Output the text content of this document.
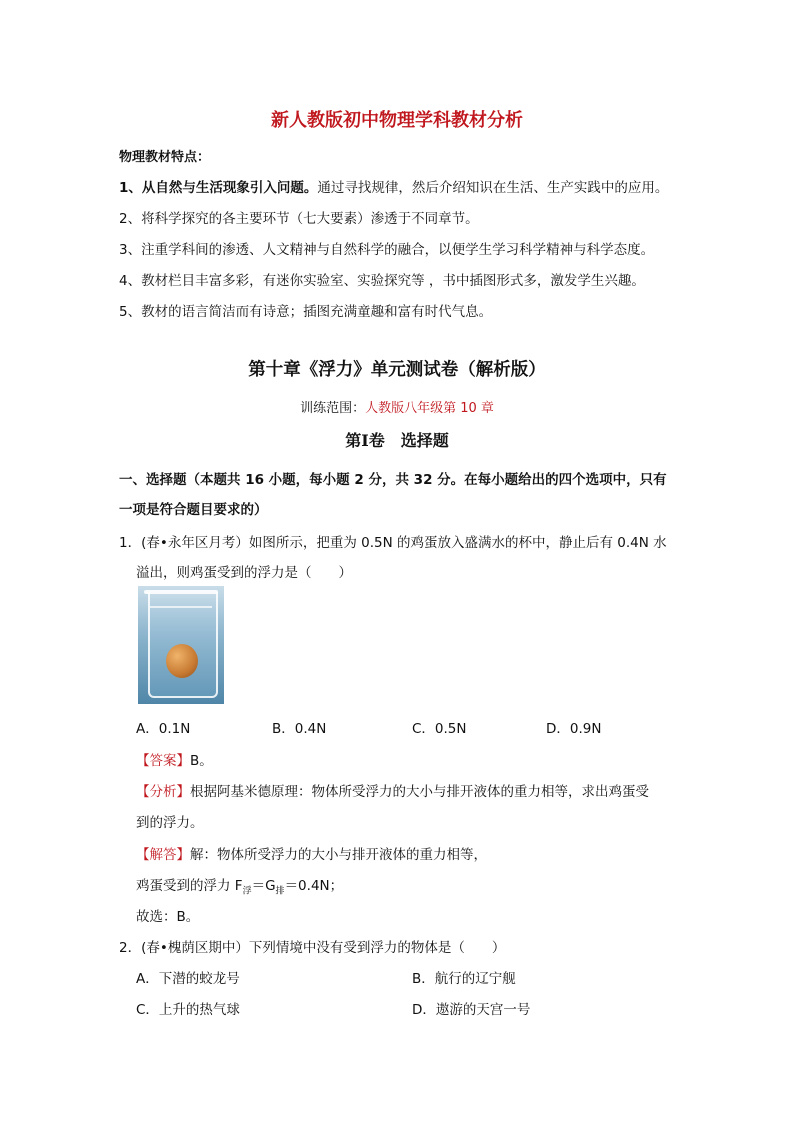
新人教版初中物理学科教材分析
物理教材特点：
1、从自然与生活现象引入问题。通过寻找规律，然后介绍知识在生活、生产实践中的应用。
2、将科学探究的各主要环节（七大要素）渗透于不同章节。
3、注重学科间的渗透、人文精神与自然科学的融合，以便学生学习科学精神与科学态度。
4、教材栏目丰富多彩，有迷你实验室、实验探究等 ，书中插图形式多，激发学生兴趣。
5、教材的语言简洁而有诗意；插图充满童趣和富有时代气息。
第十章《浮力》单元测试卷（解析版）
训练范围：人教版八年级第 10 章
第Ⅰ卷　选择题
一、选择题（本题共 16 小题，每小题 2 分，共 32 分。在每小题给出的四个选项中，只有
一项是符合题目要求的）
1．(春•永年区月考）如图所示，把重为 0.5N 的鸡蛋放入盛满水的杯中，静止后有 0.4N 水
溢出，则鸡蛋受到的浮力是（　　）
A．0.1N	B．0.4N	C．0.5N	D．0.9N
【答案】B。
【分析】根据阿基米德原理：物体所受浮力的大小与排开液体的重力相等，求出鸡蛋受
到的浮力。
【解答】解：物体所受浮力的大小与排开液体的重力相等，
鸡蛋受到的浮力 $F_浮=G_排=0.4N$；
故选：B。
2．(春•槐荫区期中）下列情境中没有受到浮力的物体是（　　）
A．下潜的蛟龙号	B．航行的辽宁舰
C．上升的热气球	D．遨游的天宫一号
